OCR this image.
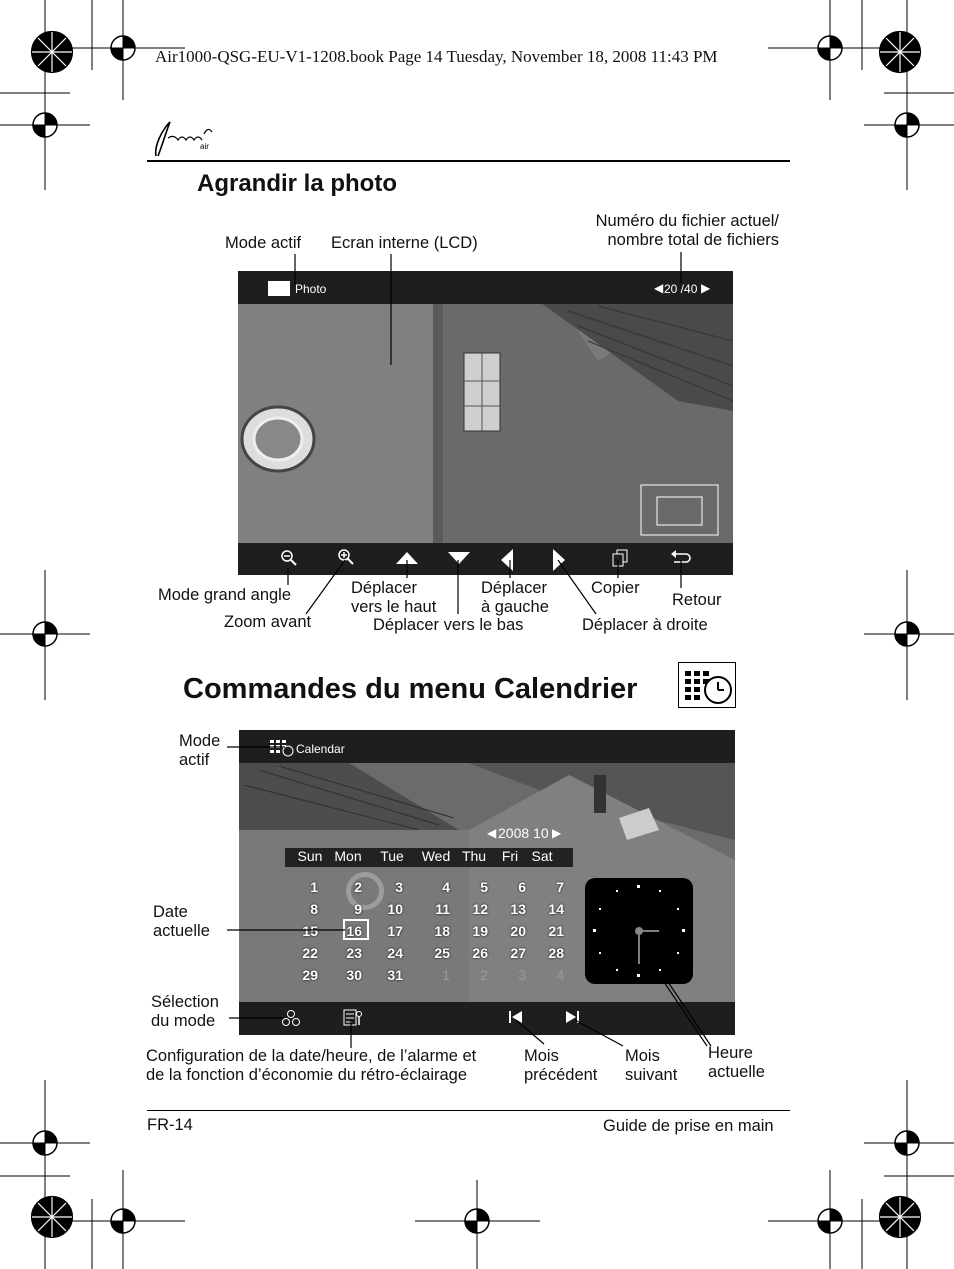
Air1000-QSG-EU-V1-1208.book Page 14 Tuesday, November 18, 2008 11:43 PM
air
Agrandir la photo
Mode actif Ecran interne (LCD)
Numéro du fichier actuel/
nombre total de fichiers
Photo	◀ 20 /40 ▶
Mode grand angle
Zoom avant
Déplacer
vers le haut
Déplacer vers le bas
Déplacer
à gauche
Déplacer à droite
Copier
Retour
Commandes du menu Calendrier
Calendar
◀ 2008 10 ▶
Sun Mon	Tue	Wed Thu	Fri Sat
1	2	3	4	5	6	7
8	9	10	11	12	13	14
15	16	17	18	19	20	21
22	23	24	25	26	27	28
29	30	31	1	2	3	4
Mode
actif
Date
actuelle
Sélection
du mode
Configuration de la date/heure, de l’alarme et
de la fonction d’économie du rétro-éclairage
Mois
précédent
Mois
suivant
Heure
actuelle
FR-14	Guide de prise en main
